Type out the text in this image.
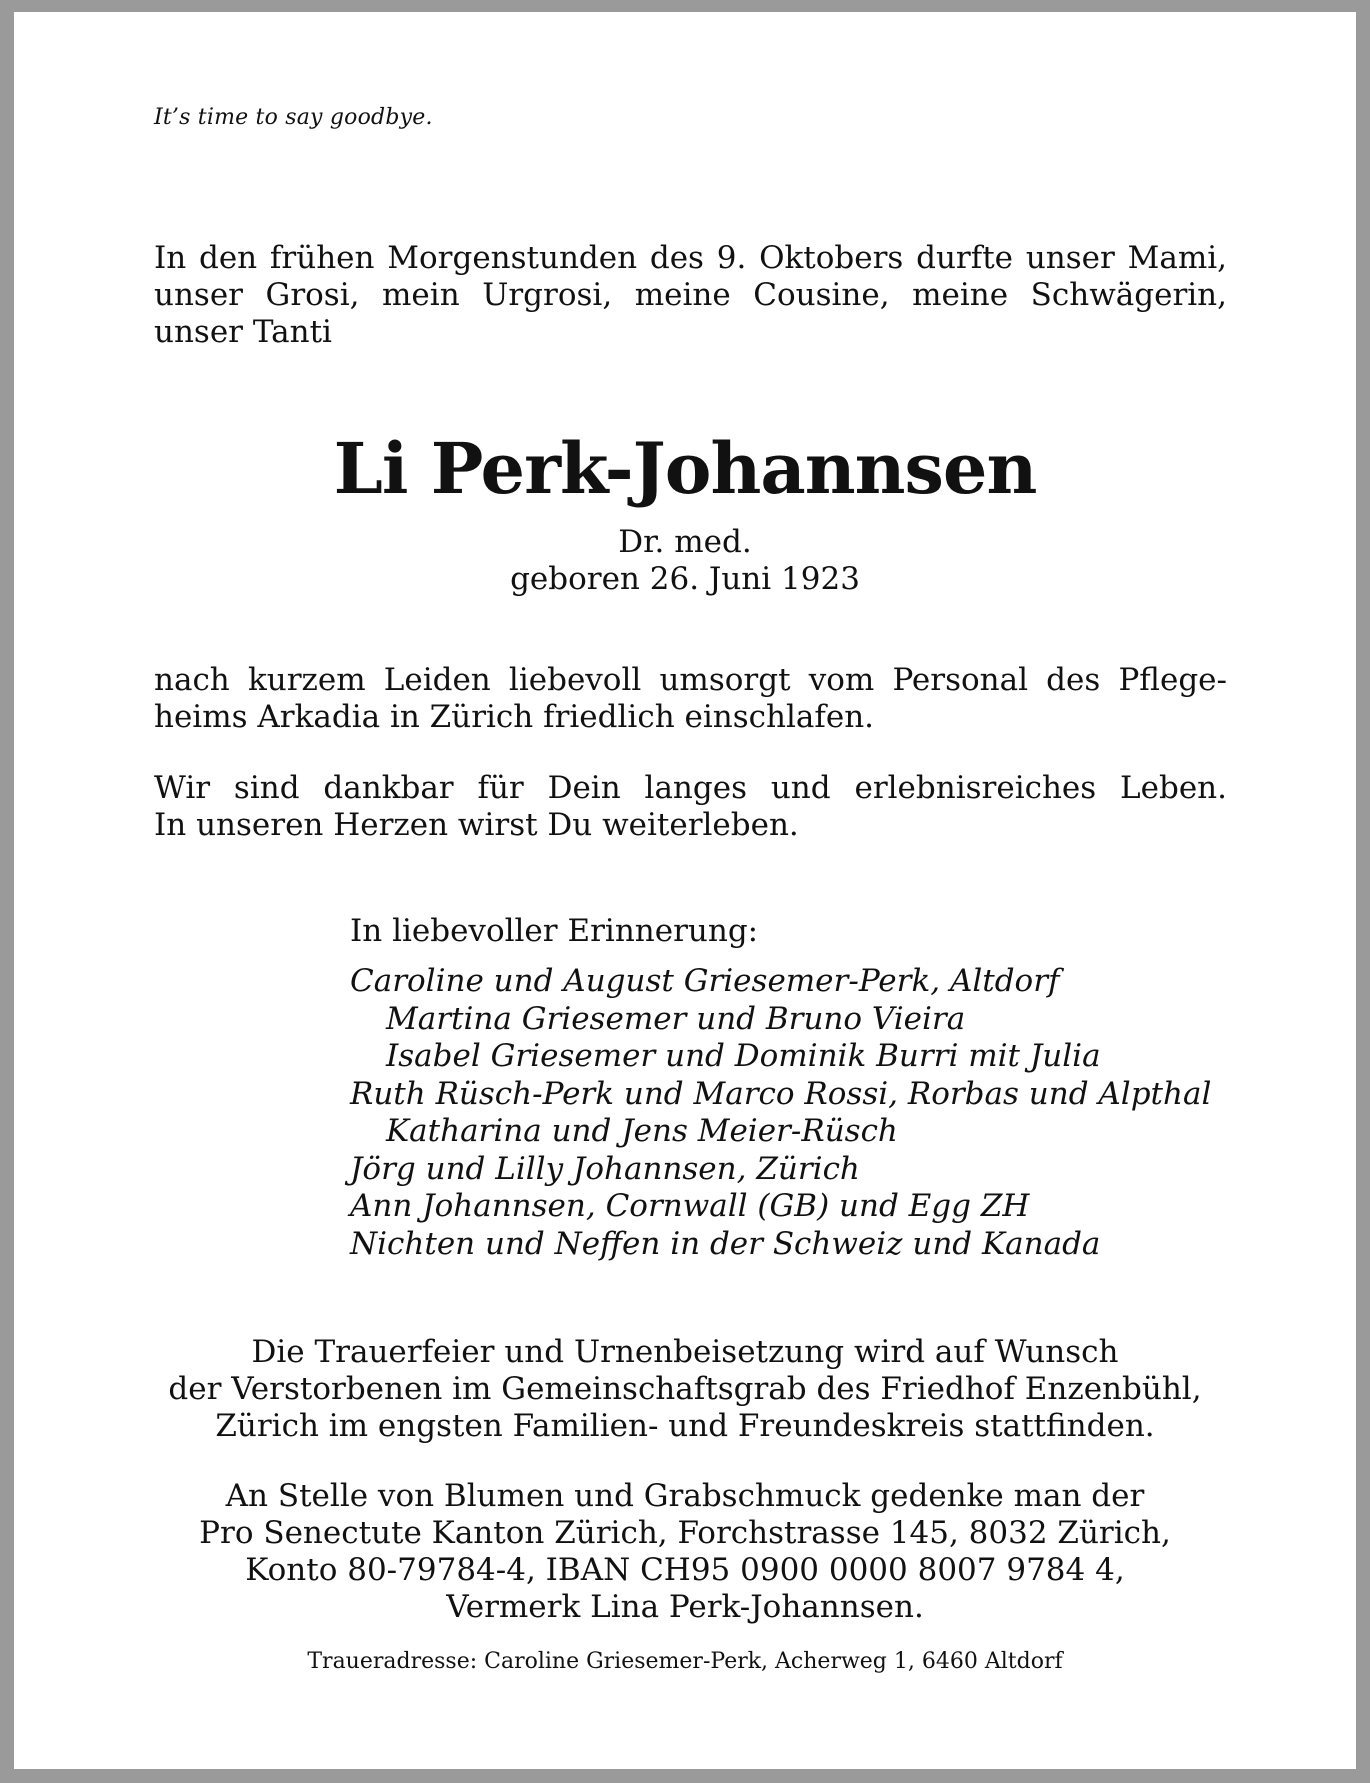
It’s time to say goodbye.
In den frühen Morgenstunden des 9. Oktobers durfte unser Mami,
unser Grosi, mein Urgrosi, meine Cousine, meine Schwägerin,
unser Tanti
Li Perk-Johannsen
Dr. med.
geboren 26. Juni 1923
nach kurzem Leiden liebevoll umsorgt vom Personal des Pflege-
heims Arkadia in Zürich friedlich einschlafen.
Wir sind dankbar für Dein langes und erlebnisreiches Leben.
In unseren Herzen wirst Du weiterleben.
In liebevoller Erinnerung:
Caroline und August Griesemer-Perk, Altdorf
Martina Griesemer und Bruno Vieira
Isabel Griesemer und Dominik Burri mit Julia
Ruth Rüsch-Perk und Marco Rossi, Rorbas und Alpthal
Katharina und Jens Meier-Rüsch
Jörg und Lilly Johannsen, Zürich
Ann Johannsen, Cornwall (GB) und Egg ZH
Nichten und Neffen in der Schweiz und Kanada
Die Trauerfeier und Urnenbeisetzung wird auf Wunsch
der Verstorbenen im Gemeinschaftsgrab des Friedhof Enzenbühl,
Zürich im engsten Familien- und Freundeskreis stattfinden.
An Stelle von Blumen und Grabschmuck gedenke man der
Pro Senectute Kanton Zürich, Forchstrasse 145, 8032 Zürich,
Konto 80-79784-4, IBAN CH95 0900 0000 8007 9784 4,
Vermerk Lina Perk-Johannsen.
Traueradresse: Caroline Griesemer-Perk, Acherweg 1, 6460 Altdorf
